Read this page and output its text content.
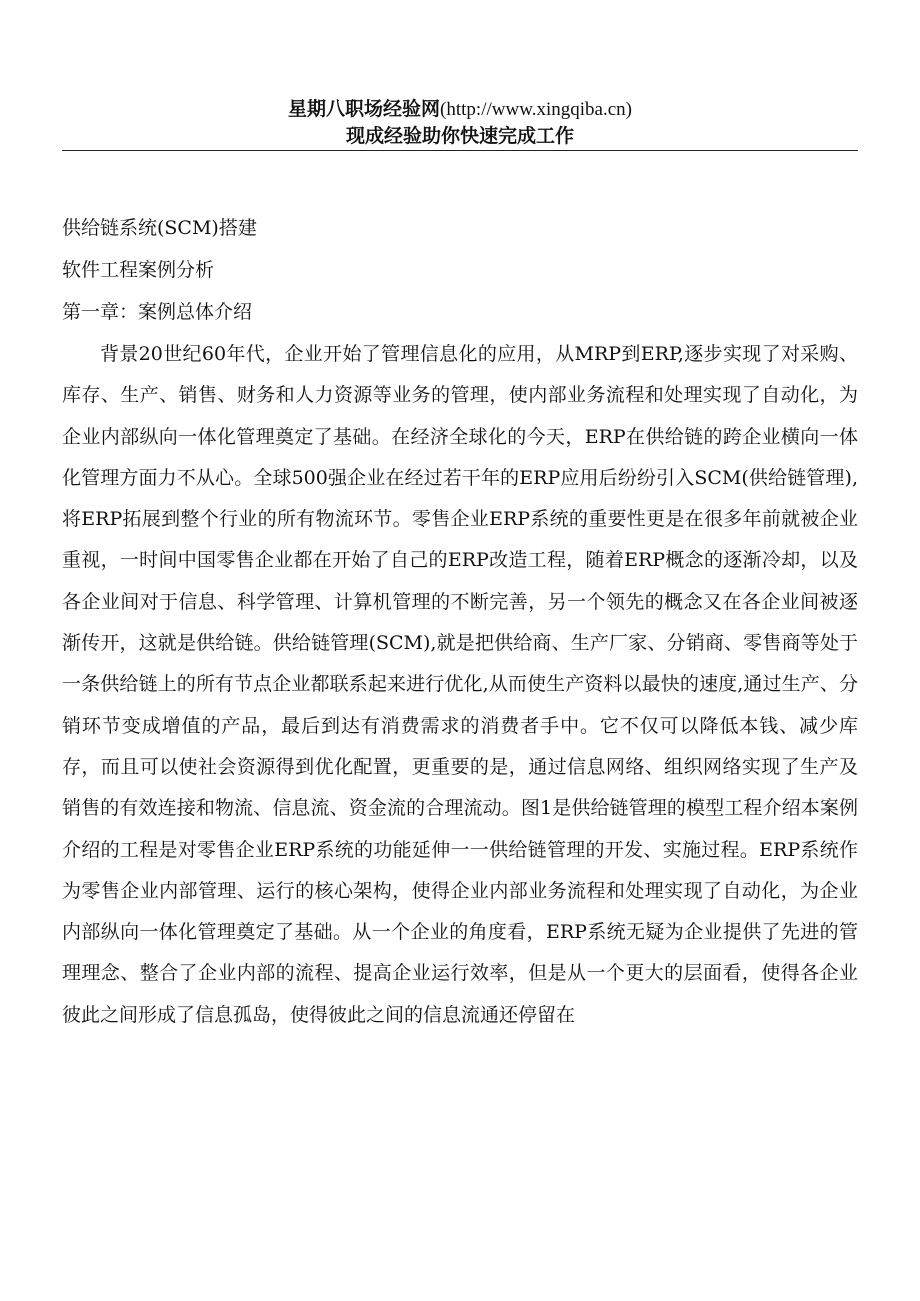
星期八职场经验网(http://www.xingqiba.cn)
现成经验助你快速完成工作
供给链系统(SCM)搭建
软件工程案例分析
第一章：案例总体介绍

背景20世纪60年代，企业开始了管理信息化的应用，从MRP到ERP,逐步实现了对采购、库存、生产、销售、财务和人力资源等业务的管理，使内部业务流程和处理实现了自动化，为企业内部纵向一体化管理奠定了基础。在经济全球化的今天，ERP在供给链的跨企业横向一体化管理方面力不从心。全球500强企业在经过若干年的ERP应用后纷纷引入SCM(供给链管理),将ERP拓展到整个行业的所有物流环节。零售企业ERP系统的重要性更是在很多年前就被企业重视，一时间中国零售企业都在开始了自己的ERP改造工程，随着ERP概念的逐渐冷却，以及各企业间对于信息、科学管理、计算机管理的不断完善，另一个领先的概念又在各企业间被逐渐传开，这就是供给链。供给链管理(SCM),就是把供给商、生产厂家、分销商、零售商等处于一条供给链上的所有节点企业都联系起来进行优化,从而使生产资料以最快的速度,通过生产、分销环节变成增值的产品，最后到达有消费需求的消费者手中。它不仅可以降低本钱、减少库存，而且可以使社会资源得到优化配置，更重要的是，通过信息网络、组织网络实现了生产及销售的有效连接和物流、信息流、资金流的合理流动。图1是供给链管理的模型工程介绍本案例介绍的工程是对零售企业ERP系统的功能延伸一一供给链管理的开发、实施过程。ERP系统作为零售企业内部管理、运行的核心架构，使得企业内部业务流程和处理实现了自动化，为企业内部纵向一体化管理奠定了基础。从一个企业的角度看，ERP系统无疑为企业提供了先进的管理理念、整合了企业内部的流程、提高企业运行效率，但是从一个更大的层面看，使得各企业彼此之间形成了信息孤岛，使得彼此之间的信息流通还停留在
